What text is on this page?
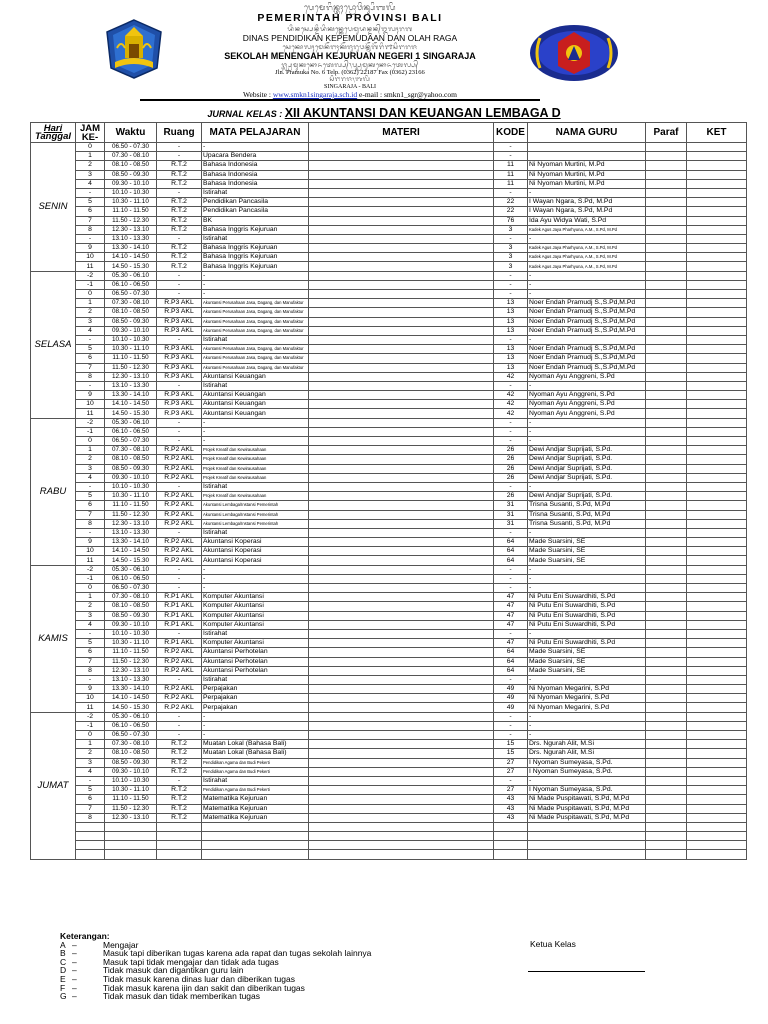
ᬧᬾᬫᬾᬭᬶᬦ᭄ᬢᬄᬧ᭄ᬭᭀᬯᬶᬦ᭄ᬲᬶᬩᬮᬶ
PEMERINTAH PROVINSI BALI
ᬤᬶᬦᬲ᭄ᬧᬾᬦ᭄ᬤᬶᬤᬶᬓᬦ᭄ᬓᬾᬧᬾᬫᬸᬤᬦ᭄ᬤᬦ᭄ᬑᬮᬄᬭᬕ
DINAS PENDIDIKAN KEPEMUDAAN DAN OLAH RAGA
ᬲᬾᬓᭀᬮᬄᬫᬾᬦᭂᬗᬄᬓᭂᬚᬸᬭᬸᬯᬦ᭄ᬦᭂᬕᭂᬭᬶ᭑ᬲᬶᬗᬭᬚ
SEKOLAH MENENGAH KEJURUAN NEGERI 1 SINGARAJA
ᬚ᭄ᬮ᭄ᬧ᭄ᬭᬫᬸᬓᬦᭀ᭖ᬢᬾᬮ᭄ᬧ᭄᭞ᬧ᭄ᬲ᭄ᬭᬫᬸᬓᬦᭀ᭖ᬢᬾᬮ᭄ᬧ᭄
Jln. Pramuka No. 6 Telp. (0362) 22187 Fax (0362) 23166
ᬲᬶᬗᬭᬚ᭞ᬩᬮᬶ
SINGARAJA - BALI
Website : www.smkn1singaraja.sch.id e-mail : smkn1_sgr@yahoo.com
JURNAL KELAS : XII AKUNTANSI DAN KEUANGAN LEMBAGA D
Hari
Tanggal	JAM KE-	Waktu	Ruang	MATA PELAJARAN	MATERI	KODE	NAMA GURU	Paraf	KET
SENIN	0	06.50 - 07.30	-	-		-			
	1	07.30 - 08.10	-	Upacara Bendera		-			
	2	08.10 - 08.50	R.T.2	Bahasa Indonesia		11	Ni Nyoman Murtini, M.Pd		
	3	08.50 - 09.30	R.T.2	Bahasa Indonesia		11	Ni Nyoman Murtini, M.Pd		
	4	09.30 - 10.10	R.T.2	Bahasa Indonesia		11	Ni Nyoman Murtini, M.Pd		
	-	10.10 - 10.30	-	Istirahat		-	-		
	5	10.30 - 11.10	R.T.2	Pendidikan Pancasila		22	I Wayan Ngara, S.Pd, M.Pd		
	6	11.10 - 11.50	R.T.2	Pendidikan Pancasila		22	I Wayan Ngara, S.Pd, M.Pd		
	7	11.50 - 12.30	R.T.2	BK		76	Ida Ayu Widya Wati, S.Pd		
	8	12.30 - 13.10	R.T.2	Bahasa Inggris Kejuruan		3	Kadek Agus Jaya Pharhyuna, A.M., S.Pd, M.Pd		
	-	13.10 - 13.30	-	Istirahat		-	-		
	9	13.30 - 14.10	R.T.2	Bahasa Inggris Kejuruan		3	Kadek Agus Jaya Pharhyuna, A.M., S.Pd, M.Pd		
	10	14.10 - 14.50	R.T.2	Bahasa Inggris Kejuruan		3	Kadek Agus Jaya Pharhyuna, A.M., S.Pd, M.Pd		
	11	14.50 - 15.30	R.T.2	Bahasa Inggris Kejuruan		3	Kadek Agus Jaya Pharhyuna, A.M., S.Pd, M.Pd		
SELASA	-2	05.30 - 06.10	-	-		-	-		
	-1	06.10 - 06.50	-	-		-	-		
	0	06.50 - 07.30	-	-		-	-		
	1	07.30 - 08.10	R.P3 AKL	Akuntansi Perusahaan Jasa, Dagang, dan Manufaktur		13	Noer Endah Pramudj S.,S.Pd,M.Pd		
	2	08.10 - 08.50	R.P3 AKL	Akuntansi Perusahaan Jasa, Dagang, dan Manufaktur		13	Noer Endah Pramudj S.,S.Pd,M.Pd		
	3	08.50 - 09.30	R.P3 AKL	Akuntansi Perusahaan Jasa, Dagang, dan Manufaktur		13	Noer Endah Pramudj S.,S.Pd,M.Pd		
	4	09.30 - 10.10	R.P3 AKL	Akuntansi Perusahaan Jasa, Dagang, dan Manufaktur		13	Noer Endah Pramudj S.,S.Pd,M.Pd		
	-	10.10 - 10.30	-	Istirahat		-	-		
	5	10.30 - 11.10	R.P3 AKL	Akuntansi Perusahaan Jasa, Dagang, dan Manufaktur		13	Noer Endah Pramudj S.,S.Pd,M.Pd		
	6	11.10 - 11.50	R.P3 AKL	Akuntansi Perusahaan Jasa, Dagang, dan Manufaktur		13	Noer Endah Pramudj S.,S.Pd,M.Pd		
	7	11.50 - 12.30	R.P3 AKL	Akuntansi Perusahaan Jasa, Dagang, dan Manufaktur		13	Noer Endah Pramudj S.,S.Pd,M.Pd		
	8	12.30 - 13.10	R.P3 AKL	Akuntansi Keuangan		42	Nyoman Ayu Anggreni, S.Pd		
	-	13.10 - 13.30	-	Istirahat		-	-		
	9	13.30 - 14.10	R.P3 AKL	Akuntansi Keuangan		42	Nyoman Ayu Anggreni, S.Pd		
	10	14.10 - 14.50	R.P3 AKL	Akuntansi Keuangan		42	Nyoman Ayu Anggreni, S.Pd		
	11	14.50 - 15.30	R.P3 AKL	Akuntansi Keuangan		42	Nyoman Ayu Anggreni, S.Pd		
RABU	-2	05.30 - 06.10	-	-		-	-		
	-1	06.10 - 06.50	-	-		-	-		
	0	06.50 - 07.30	-	-		-	-		
	1	07.30 - 08.10	R.P2 AKL	Projek Kreatif dan Kewirausahaan		26	Dewi Andjar Suprijati, S.Pd.		
	2	08.10 - 08.50	R.P2 AKL	Projek Kreatif dan Kewirausahaan		26	Dewi Andjar Suprijati, S.Pd.		
	3	08.50 - 09.30	R.P2 AKL	Projek Kreatif dan Kewirausahaan		26	Dewi Andjar Suprijati, S.Pd.		
	4	09.30 - 10.10	R.P2 AKL	Projek Kreatif dan Kewirausahaan		26	Dewi Andjar Suprijati, S.Pd.		
	-	10.10 - 10.30	-	Istirahat		-	-		
	5	10.30 - 11.10	R.P2 AKL	Projek Kreatif dan Kewirausahaan		26	Dewi Andjar Suprijati, S.Pd.		
	6	11.10 - 11.50	R.P2 AKL	Akuntansi Lembaga/Instansi Pemerintah		31	Trisna Susanti, S.Pd, M.Pd		
	7	11.50 - 12.30	R.P2 AKL	Akuntansi Lembaga/Instansi Pemerintah		31	Trisna Susanti, S.Pd, M.Pd		
	8	12.30 - 13.10	R.P2 AKL	Akuntansi Lembaga/Instansi Pemerintah		31	Trisna Susanti, S.Pd, M.Pd		
	-	13.10 - 13.30	-	Istirahat		-	-		
	9	13.30 - 14.10	R.P2 AKL	Akuntansi Koperasi		64	Made Suarsini, SE		
	10	14.10 - 14.50	R.P2 AKL	Akuntansi Koperasi		64	Made Suarsini, SE		
	11	14.50 - 15.30	R.P2 AKL	Akuntansi Koperasi		64	Made Suarsini, SE		
KAMIS	-2	05.30 - 06.10	-	-		-	-		
	-1	06.10 - 06.50	-	-		-	-		
	0	06.50 - 07.30	-	-		-	-		
	1	07.30 - 08.10	R.P1 AKL	Komputer Akuntansi		47	Ni Putu Eni Suwardhiti, S.Pd		
	2	08.10 - 08.50	R.P1 AKL	Komputer Akuntansi		47	Ni Putu Eni Suwardhiti, S.Pd		
	3	08.50 - 09.30	R.P1 AKL	Komputer Akuntansi		47	Ni Putu Eni Suwardhiti, S.Pd		
	4	09.30 - 10.10	R.P1 AKL	Komputer Akuntansi		47	Ni Putu Eni Suwardhiti, S.Pd		
	-	10.10 - 10.30	-	Istirahat		-	-		
	5	10.30 - 11.10	R.P1 AKL	Komputer Akuntansi		47	Ni Putu Eni Suwardhiti, S.Pd		
	6	11.10 - 11.50	R.P2 AKL	Akuntansi Perhotelan		64	Made Suarsini, SE		
	7	11.50 - 12.30	R.P2 AKL	Akuntansi Perhotelan		64	Made Suarsini, SE		
	8	12.30 - 13.10	R.P2 AKL	Akuntansi Perhotelan		64	Made Suarsini, SE		
	-	13.10 - 13.30	-	Istirahat		-	-		
	9	13.30 - 14.10	R.P2 AKL	Perpajakan		49	Ni Nyoman Megarini, S.Pd		
	10	14.10 - 14.50	R.P2 AKL	Perpajakan		49	Ni Nyoman Megarini, S.Pd		
	11	14.50 - 15.30	R.P2 AKL	Perpajakan		49	Ni Nyoman Megarini, S.Pd		
JUMAT	-2	05.30 - 06.10	-	-		-	-		
	-1	06.10 - 06.50	-	-		-	-		
	0	06.50 - 07.30	-	-		-	-		
	1	07.30 - 08.10	R.T.2	Muatan Lokal (Bahasa Bali)		15	Drs. Ngurah Alit, M.Si		
	2	08.10 - 08.50	R.T.2	Muatan Lokal (Bahasa Bali)		15	Drs. Ngurah Alit, M.Si		
	3	08.50 - 09.30	R.T.2	Pendidikan Agama dan Budi Pekerti		27	I Nyoman Sumeyasa, S.Pd.		
	4	09.30 - 10.10	R.T.2	Pendidikan Agama dan Budi Pekerti		27	I Nyoman Sumeyasa, S.Pd.		
	-	10.10 - 10.30	-	Istirahat		-	-		
	5	10.30 - 11.10	R.T.2	Pendidikan Agama dan Budi Pekerti		27	I Nyoman Sumeyasa, S.Pd.		
	6	11.10 - 11.50	R.T.2	Matematika Kejuruan		43	Ni Made Puspitawati, S.Pd, M.Pd		
	7	11.50 - 12.30	R.T.2	Matematika Kejuruan		43	Ni Made Puspitawati, S.Pd, M.Pd		
	8	12.30 - 13.10	R.T.2	Matematika Kejuruan		43	Ni Made Puspitawati, S.Pd, M.Pd		

Keterangan:
A –	Mengajar
B –	Masuk tapi diberikan tugas karena ada rapat dan tugas sekolah lainnya
C –	Masuk tapi tidak mengajar dan tidak ada tugas
D –	Tidak masuk dan digantikan guru lain
E –	Tidak masuk karena dinas luar dan diberikan tugas
F –	Tidak masuk karena ijin dan sakit dan diberikan tugas
G –	Tidak masuk dan tidak memberikan tugas
Ketua Kelas
